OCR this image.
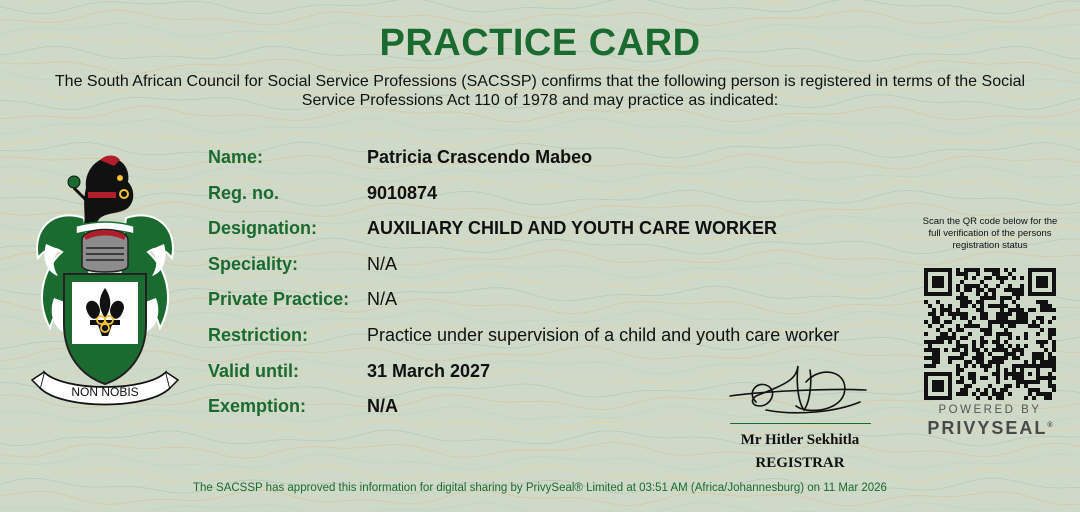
PRACTICE CARD
The South African Council for Social Service Professions (SACSSP) confirms that the following person is registered in terms of the Social Service Professions Act 110 of 1978 and may practice as indicated:
NON NOBIS
Name:	Patricia Crascendo Mabeo
Reg. no.	9010874
Designation:	AUXILIARY CHILD AND YOUTH CARE WORKER
Speciality:	N/A
Private Practice: N/A
Restriction:	Practice under supervision of a child and youth care worker
Valid until:	31 March 2027
Exemption:	N/A
Mr Hitler Sekhitla
REGISTRAR
Scan the QR code below for the full verification of the persons registration status
POWERED BY
PRIVYSEAL®
The SACSSP has approved this information for digital sharing by PrivySeal® Limited at 03:51 AM (Africa/Johannesburg) on 11 Mar 2026
